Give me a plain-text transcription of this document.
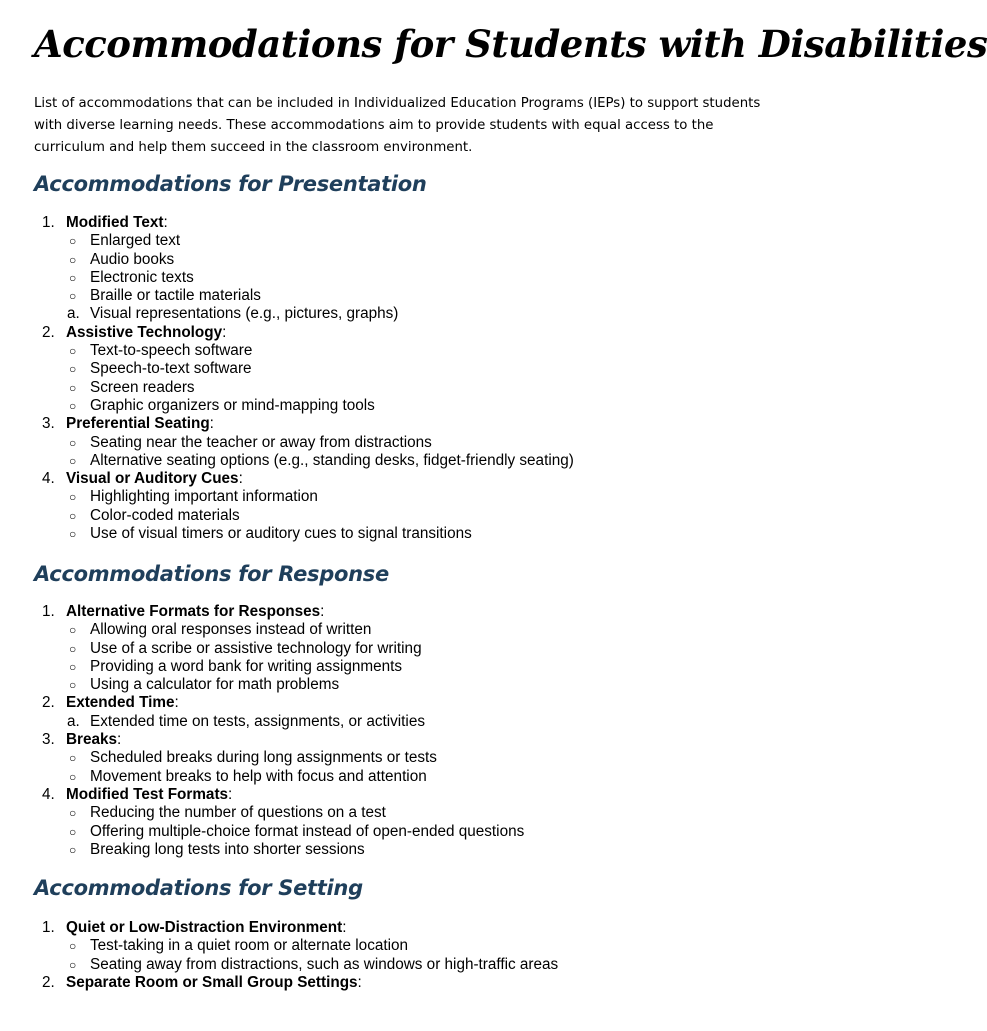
Accommodations for Students with Disabilities

List of accommodations that can be included in Individualized Education Programs (IEPs) to support students with diverse learning needs. These accommodations aim to provide students with equal access to the curriculum and help them succeed in the classroom environment.

Accommodations for Presentation
1. Modified Text:
○ Enlarged text
○ Audio books
○ Electronic texts
○ Braille or tactile materials
a. Visual representations (e.g., pictures, graphs)
2. Assistive Technology:
○ Text-to-speech software
○ Speech-to-text software
○ Screen readers
○ Graphic organizers or mind-mapping tools
3. Preferential Seating:
○ Seating near the teacher or away from distractions
○ Alternative seating options (e.g., standing desks, fidget-friendly seating)
4. Visual or Auditory Cues:
○ Highlighting important information
○ Color-coded materials
○ Use of visual timers or auditory cues to signal transitions
Accommodations for Response
1. Alternative Formats for Responses:
○ Allowing oral responses instead of written
○ Use of a scribe or assistive technology for writing
○ Providing a word bank for writing assignments
○ Using a calculator for math problems
2. Extended Time:
a. Extended time on tests, assignments, or activities
3. Breaks:
○ Scheduled breaks during long assignments or tests
○ Movement breaks to help with focus and attention
4. Modified Test Formats:
○ Reducing the number of questions on a test
○ Offering multiple-choice format instead of open-ended questions
○ Breaking long tests into shorter sessions
Accommodations for Setting
1. Quiet or Low-Distraction Environment:
○ Test-taking in a quiet room or alternate location
○ Seating away from distractions, such as windows or high-traffic areas
2. Separate Room or Small Group Settings:
